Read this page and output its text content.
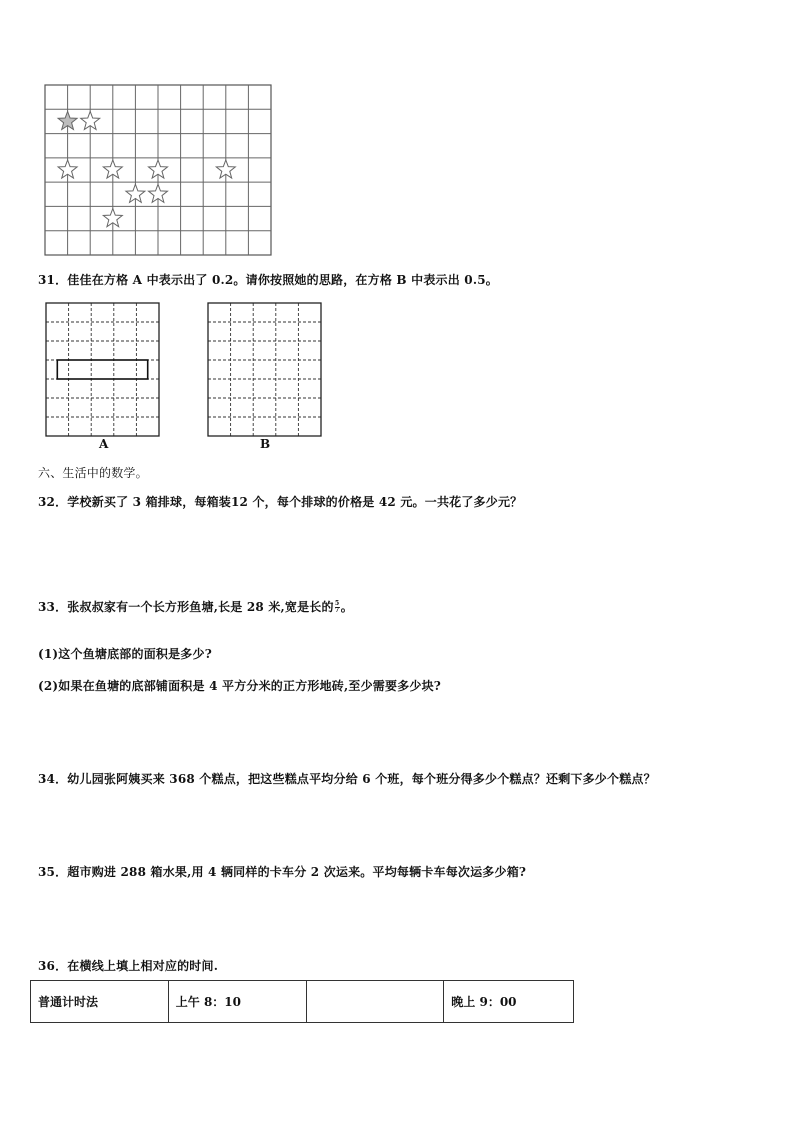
31．佳佳在方格 A 中表示出了 0.2。请你按照她的思路，在方格 B 中表示出 0.5。
A	B
六、生活中的数学。
32．学校新买了 3 箱排球，每箱装12 个，每个排球的价格是 42 元。一共花了多少元？
33．张叔叔家有一个长方形鱼塘,长是 28 米,宽是长的 $\frac{5}{7}$ 。
(1)这个鱼塘底部的面积是多少?
(2)如果在鱼塘的底部铺面积是 4 平方分米的正方形地砖,至少需要多少块?
34．幼儿园张阿姨买来 368 个糕点，把这些糕点平均分给 6 个班，每个班分得多少个糕点？还剩下多少个糕点？
35．超市购进 288 箱水果,用 4 辆同样的卡车分 2 次运来。平均每辆卡车每次运多少箱?
36．在横线上填上相对应的时间.
普通计时法	上午 8：10		晚上 9：00
